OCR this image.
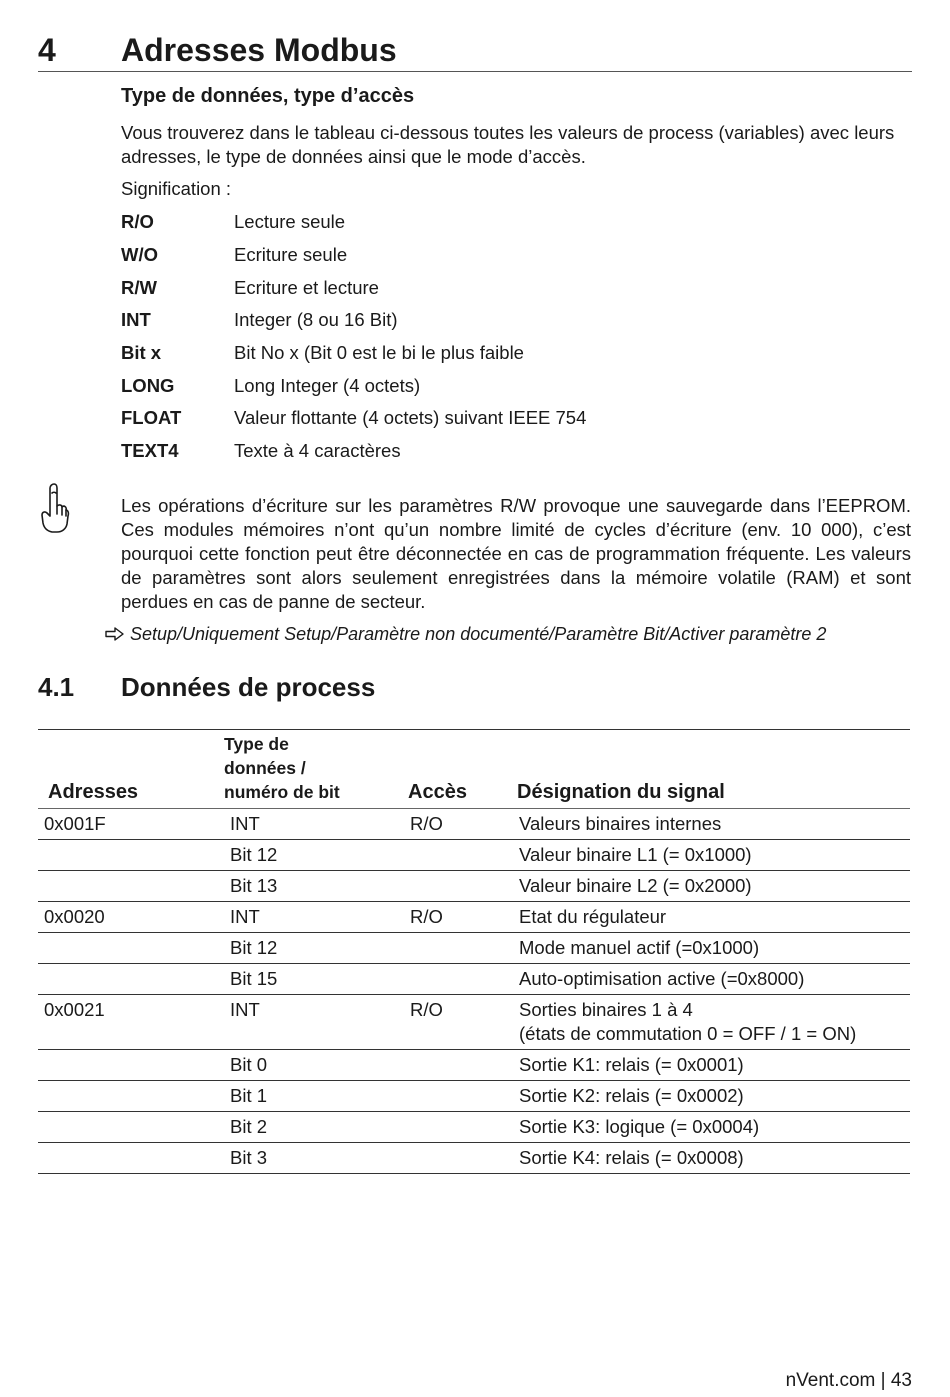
4 Adresses Modbus
Type de données, type d’accès
Vous trouverez dans le tableau ci-dessous toutes les valeurs de process (variables) avec leurs adresses, le type de données ainsi que le mode d’accès.
Signification :
R/O	Lecture seule
W/O	Ecriture seule
R/W	Ecriture et lecture
INT	Integer (8 ou 16 Bit)
Bit x	Bit No x (Bit 0 est le bi le plus faible
LONG	Long Integer (4 octets)
FLOAT	Valeur flottante (4 octets) suivant IEEE 754
TEXT4	Texte à 4 caractères
Les opérations d’écriture sur les paramètres R/W provoque une sauvegarde dans l’EEPROM. Ces modules mémoires n’ont qu’un nombre limité de cycles d’écriture (env. 10 000), c’est pourquoi cette fonction peut être déconnectée en cas de programmation fréquente. Les valeurs de paramètres sont alors seulement enregistrées dans la mémoire volatile (RAM) et sont perdues en cas de panne de secteur.
Setup/Uniquement Setup/Paramètre non documenté/Paramètre Bit/Activer paramètre 2
4.1 Données de process
Adresses	Type de
données /
numéro de bit	Accès	Désignation du signal
0x001F	INT	R/O	Valeurs binaires internes
	Bit 12		Valeur binaire L1 (= 0x1000)
	Bit 13		Valeur binaire L2 (= 0x2000)
0x0020	INT	R/O	Etat du régulateur
	Bit 12		Mode manuel actif (=0x1000)
	Bit 15		Auto-optimisation active (=0x8000)
0x0021	INT	R/O	Sorties binaires 1 à 4
(états de commutation 0 = OFF / 1 = ON)

	Bit 0		Sortie K1: relais (= 0x0001)
	Bit 1		Sortie K2: relais (= 0x0002)
	Bit 2		Sortie K3: logique (= 0x0004)
	Bit 3		Sortie K4: relais (= 0x0008)
nVent.com | 43
